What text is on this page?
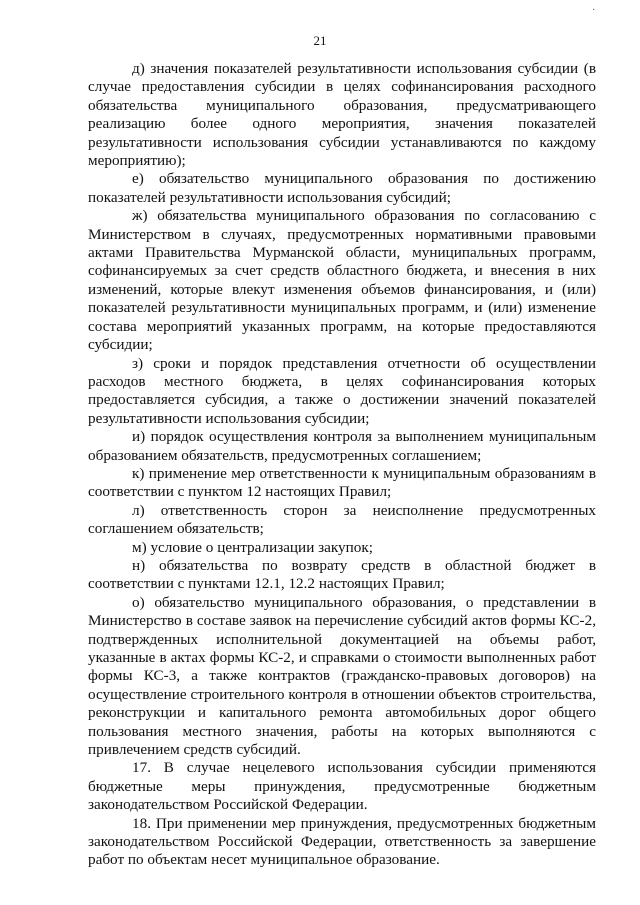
·
21

д) значения показателей результативности использования субсидии (в случае предоставления субсидии в целях софинансирования расходного обязательства муниципального образования, предусматривающего реализацию более одного мероприятия, значения показателей результативности использования субсидии устанавливаются по каждому мероприятию);

е) обязательство муниципального образования по достижению показателей результативности использования субсидий;

ж) обязательства муниципального образования по согласованию с Министерством в случаях, предусмотренных нормативными правовыми актами Правительства Мурманской области, муниципальных программ, софинансируемых за счет средств областного бюджета, и внесения в них изменений, которые влекут изменения объемов финансирования, и (или) показателей результативности муниципальных программ, и (или) изменение состава мероприятий указанных программ, на которые предоставляются субсидии;

з) сроки и порядок представления отчетности об осуществлении расходов местного бюджета, в целях софинансирования которых предоставляется субсидия, а также о достижении значений показателей результативности использования субсидии;

и) порядок осуществления контроля за выполнением муниципальным образованием обязательств, предусмотренных соглашением;

к) применение мер ответственности к муниципальным образованиям в соответствии с пунктом 12 настоящих Правил;

л) ответственность сторон за неисполнение предусмотренных соглашением обязательств;

м) условие о централизации закупок;

н) обязательства по возврату средств в областной бюджет в соответствии с пунктами 12.1, 12.2 настоящих Правил;

о) обязательство муниципального образования, о представлении в Министерство в составе заявок на перечисление субсидий актов формы КС-2, подтвержденных исполнительной документацией на объемы работ, указанные в актах формы КС-2, и справками о стоимости выполненных работ формы КС-3, а также контрактов (гражданско-правовых договоров) на осуществление строительного контроля в отношении объектов строительства, реконструкции и капитального ремонта автомобильных дорог общего пользования местного значения, работы на которых выполняются с привлечением средств субсидий.

17. В случае нецелевого использования субсидии применяются бюджетные меры принуждения, предусмотренные бюджетным законодательством Российской Федерации.

18. При применении мер принуждения, предусмотренных бюджетным законодательством Российской Федерации, ответственность за завершение работ по объектам несет муниципальное образование.
